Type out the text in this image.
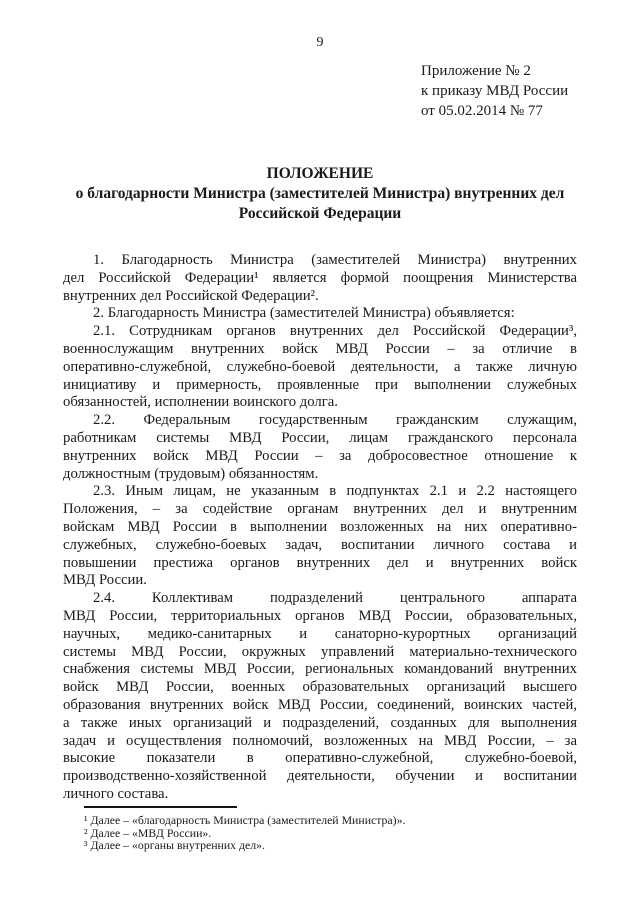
9
Приложение № 2
к приказу МВД России
от 05.02.2014 № 77
ПОЛОЖЕНИЕ
о благодарности Министра (заместителей Министра) внутренних дел
Российской Федерации
1. Благодарность Министра (заместителей Министра) внутренних
дел Российской Федерации¹ является формой поощрения Министерства
внутренних дел Российской Федерации².
2. Благодарность Министра (заместителей Министра) объявляется:
2.1. Сотрудникам органов внутренних дел Российской Федерации³,
военнослужащим внутренних войск МВД России – за отличие в
оперативно-служебной, служебно-боевой деятельности, а также личную
инициативу и примерность, проявленные при выполнении служебных
обязанностей, исполнении воинского долга.
2.2. Федеральным государственным гражданским служащим,
работникам системы МВД России, лицам гражданского персонала
внутренних войск МВД России – за добросовестное отношение к
должностным (трудовым) обязанностям.
2.3. Иным лицам, не указанным в подпунктах 2.1 и 2.2 настоящего
Положения, – за содействие органам внутренних дел и внутренним
войскам МВД России в выполнении возложенных на них оперативно-
служебных, служебно-боевых задач, воспитании личного состава и
повышении престижа органов внутренних дел и внутренних войск
МВД России.
2.4. Коллективам подразделений центрального аппарата
МВД России, территориальных органов МВД России, образовательных,
научных, медико-санитарных и санаторно-курортных организаций
системы МВД России, окружных управлений материально-технического
снабжения системы МВД России, региональных командований внутренних
войск МВД России, военных образовательных организаций высшего
образования внутренних войск МВД России, соединений, воинских частей,
а также иных организаций и подразделений, созданных для выполнения
задач и осуществления полномочий, возложенных на МВД России, – за
высокие показатели в оперативно-служебной, служебно-боевой,
производственно-хозяйственной деятельности, обучении и воспитании
личного состава.
¹ Далее – «благодарность Министра (заместителей Министра)».
² Далее – «МВД России».
³ Далее – «органы внутренних дел».
